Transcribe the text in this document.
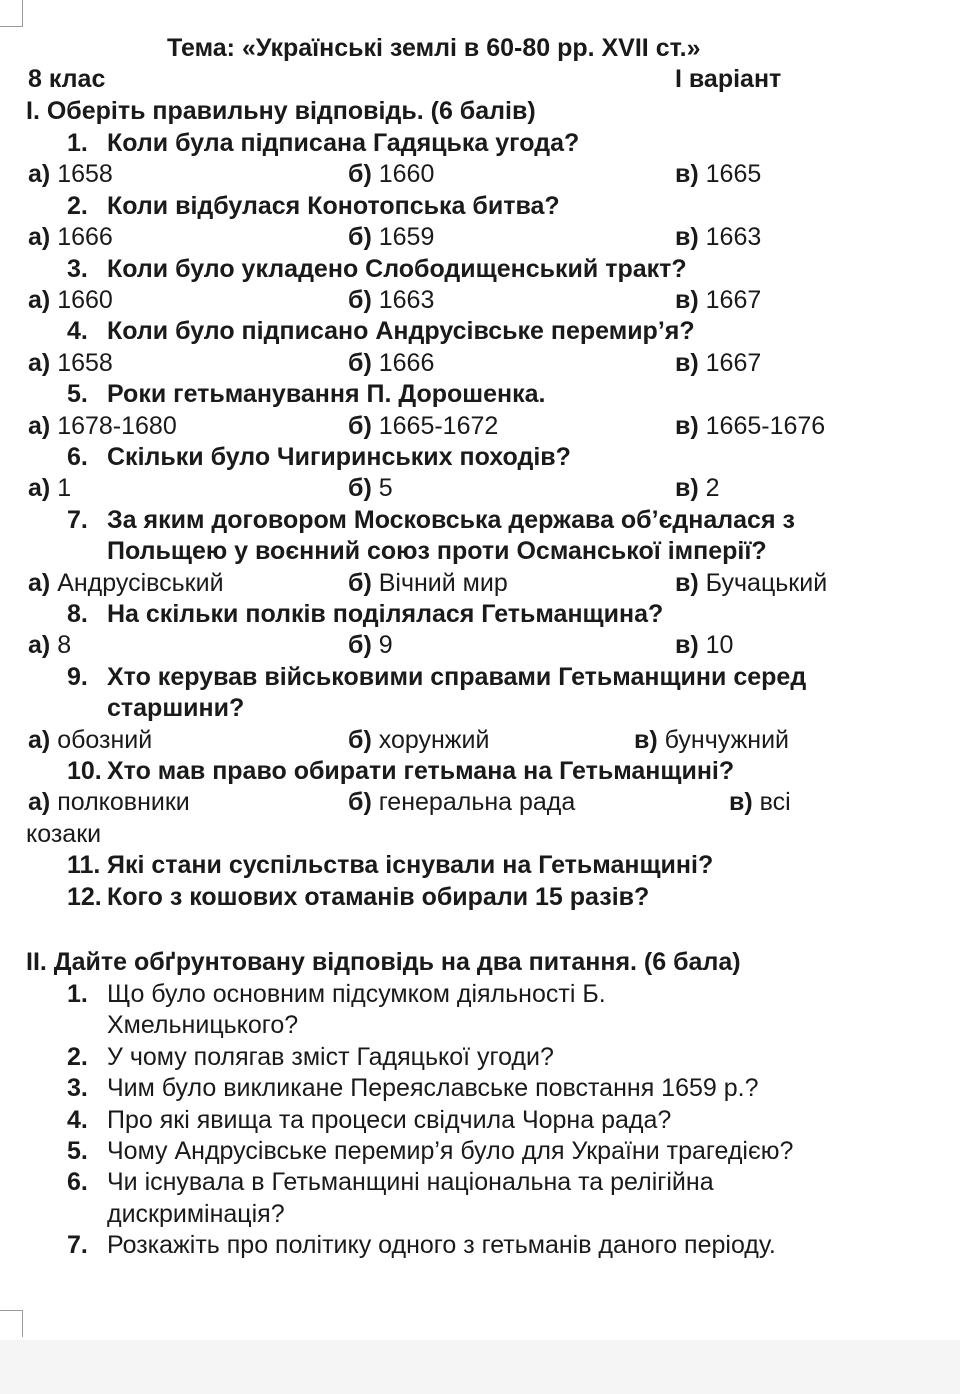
Тема: «Українські землі в 60-80 рр. XVII ст.»
8 клас	І варіант
І. Оберіть правильну відповідь. (6 балів)
1. Коли була підписана Гадяцька угода?
а) 1658	б) 1660	в) 1665
2. Коли відбулася Конотопська битва?
а) 1666	б) 1659	в) 1663
3. Коли було укладено Слободищенський тракт?
а) 1660	б) 1663	в) 1667
4. Коли було підписано Андрусівське перемир’я?
а) 1658	б) 1666	в) 1667
5. Роки гетьманування П. Дорошенка.
а) 1678-1680	б) 1665-1672	в) 1665-1676
6. Скільки було Чигиринських походів?
а) 1	б) 5	в) 2
7. За яким договором Московська держава об’єдналася з
Польщею у воєнний союз проти Османської імперії?
а) Андрусівський	б) Вічний мир	в) Бучацький
8. На скільки полків поділялася Гетьманщина?
а) 8	б) 9	в) 10
9. Хто керував військовими справами Гетьманщини серед
старшини?
а) обозний	б) хорунжий	в) бунчужний
10. Хто мав право обирати гетьмана на Гетьманщині?
а) полковники	б) генеральна рада	в) всі
козаки
11. Які стани суспільства існували на Гетьманщині?
12. Кого з кошових отаманів обирали 15 разів?
ІІ. Дайте обґрунтовану відповідь на два питання. (6 бала)
1. Що було основним підсумком діяльності Б.
Хмельницького?
2. У чому полягав зміст Гадяцької угоди?
3. Чим було викликане Переяславське повстання 1659 р.?
4. Про які явища та процеси свідчила Чорна рада?
5. Чому Андрусівське перемир’я було для України трагедією?
6. Чи існувала в Гетьманщині національна та релігійна
дискримінація?
7. Розкажіть про політику одного з гетьманів даного періоду.
